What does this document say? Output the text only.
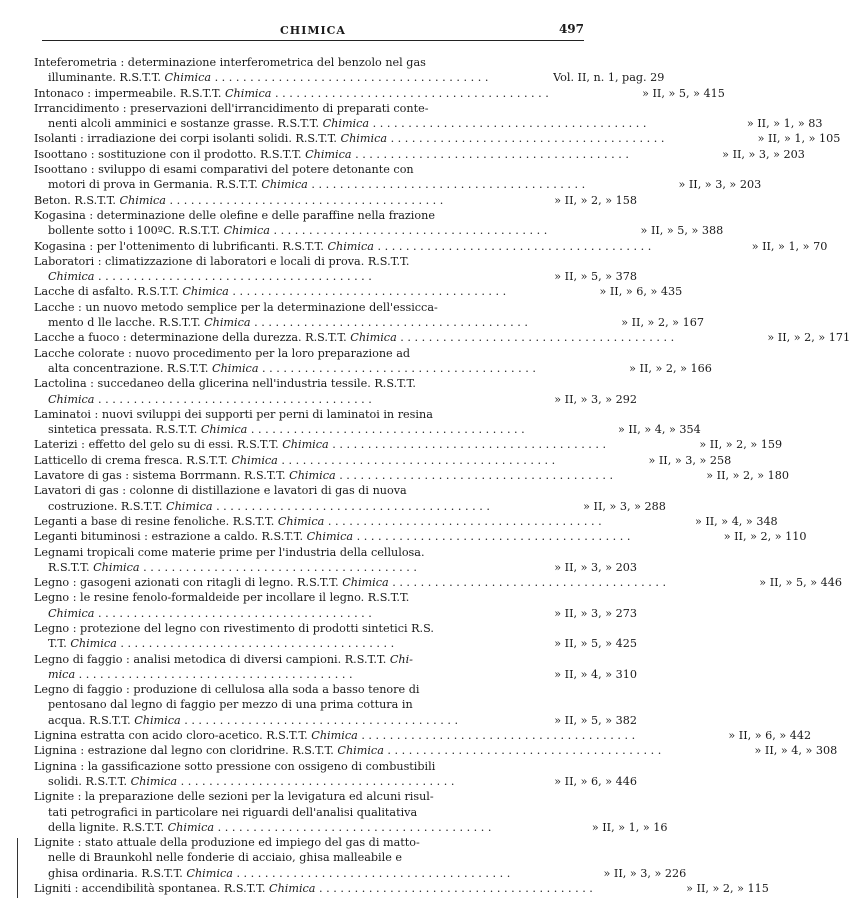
CHIMICA	497
Inteferometria : determinazione interferometrica del benzolo nel gas
illuminante. R.S.T.T. Chimica . . . . . . . . . . . . . . . . . . . . . . . . . . . . . . . . . . . . . . .	Vol. II, n. 1, pag. 29
Intonaco : impermeabile. R.S.T.T. Chimica . . . . . . . . . . . . . . . . . . . . . . . . . . . . . . . . . . . . . . .	» II, » 5, » 415
Irrancidimento : preservazioni dell'irrancidimento di preparati conte-
nenti alcoli amminici e sostanze grasse. R.S.T.T. Chimica . . . . . . . . . . . . . . . . . . . . . . . . . . . . . . . . . . . . . . .	» II, » 1, » 83
Isolanti : irradiazione dei corpi isolanti solidi. R.S.T.T. Chimica . . . . . . . . . . . . . . . . . . . . . . . . . . . . . . . . . . . . . . .	» II, » 1, » 105
Isoottano : sostituzione con il prodotto. R.S.T.T. Chimica . . . . . . . . . . . . . . . . . . . . . . . . . . . . . . . . . . . . . . .	» II, » 3, » 203
Isoottano : sviluppo di esami comparativi del potere detonante con
motori di prova in Germania. R.S.T.T. Chimica . . . . . . . . . . . . . . . . . . . . . . . . . . . . . . . . . . . . . . .	» II, » 3, » 203
Beton. R.S.T.T. Chimica . . . . . . . . . . . . . . . . . . . . . . . . . . . . . . . . . . . . . . .	» II, » 2, » 158
Kogasina : determinazione delle olefine e delle paraffine nella frazione
bollente sotto i 100ºC. R.S.T.T. Chimica . . . . . . . . . . . . . . . . . . . . . . . . . . . . . . . . . . . . . . .	» II, » 5, » 388
Kogasina : per l'ottenimento di lubrificanti. R.S.T.T. Chimica . . . . . . . . . . . . . . . . . . . . . . . . . . . . . . . . . . . . . . .	» II, » 1, » 70
Laboratori : climatizzazione di laboratori e locali di prova. R.S.T.T.
Chimica . . . . . . . . . . . . . . . . . . . . . . . . . . . . . . . . . . . . . . .	» II, » 5, » 378
Lacche di asfalto. R.S.T.T. Chimica . . . . . . . . . . . . . . . . . . . . . . . . . . . . . . . . . . . . . . .	» II, » 6, » 435
Lacche : un nuovo metodo semplice per la determinazione dell'essicca-
mento d lle lacche. R.S.T.T. Chimica . . . . . . . . . . . . . . . . . . . . . . . . . . . . . . . . . . . . . . .	» II, » 2, » 167
Lacche a fuoco : determinazione della durezza. R.S.T.T. Chimica . . . . . . . . . . . . . . . . . . . . . . . . . . . . . . . . . . . . . . .	» II, » 2, » 171
Lacche colorate : nuovo procedimento per la loro preparazione ad
alta concentrazione. R.S.T.T. Chimica . . . . . . . . . . . . . . . . . . . . . . . . . . . . . . . . . . . . . . .	» II, » 2, » 166
Lactolina : succedaneo della glicerina nell'industria tessile. R.S.T.T.
Chimica . . . . . . . . . . . . . . . . . . . . . . . . . . . . . . . . . . . . . . .	» II, » 3, » 292
Laminatoi : nuovi sviluppi dei supporti per perni di laminatoi in resina
sintetica pressata. R.S.T.T. Chimica . . . . . . . . . . . . . . . . . . . . . . . . . . . . . . . . . . . . . . .	» II, » 4, » 354
Laterizi : effetto del gelo su di essi. R.S.T.T. Chimica . . . . . . . . . . . . . . . . . . . . . . . . . . . . . . . . . . . . . . .	» II, » 2, » 159
Latticello di crema fresca. R.S.T.T. Chimica . . . . . . . . . . . . . . . . . . . . . . . . . . . . . . . . . . . . . . .	» II, » 3, » 258
Lavatore di gas : sistema Borrmann. R.S.T.T. Chimica . . . . . . . . . . . . . . . . . . . . . . . . . . . . . . . . . . . . . . .	» II, » 2, » 180
Lavatori di gas : colonne di distillazione e lavatori di gas di nuova
costruzione. R.S.T.T. Chimica . . . . . . . . . . . . . . . . . . . . . . . . . . . . . . . . . . . . . . .	» II, » 3, » 288
Leganti a base di resine fenoliche. R.S.T.T. Chimica . . . . . . . . . . . . . . . . . . . . . . . . . . . . . . . . . . . . . . .	» II, » 4, » 348
Leganti bituminosi : estrazione a caldo. R.S.T.T. Chimica . . . . . . . . . . . . . . . . . . . . . . . . . . . . . . . . . . . . . . .	» II, » 2, » 110
Legnami tropicali come materie prime per l'industria della cellulosa.
R.S.T.T. Chimica . . . . . . . . . . . . . . . . . . . . . . . . . . . . . . . . . . . . . . .	» II, » 3, » 203
Legno : gasogeni azionati con ritagli di legno. R.S.T.T. Chimica . . . . . . . . . . . . . . . . . . . . . . . . . . . . . . . . . . . . . . .	» II, » 5, » 446
Legno : le resine fenolo-formaldeide per incollare il legno. R.S.T.T.
Chimica . . . . . . . . . . . . . . . . . . . . . . . . . . . . . . . . . . . . . . .	» II, » 3, » 273
Legno : protezione del legno con rivestimento di prodotti sintetici R.S.
T.T. Chimica . . . . . . . . . . . . . . . . . . . . . . . . . . . . . . . . . . . . . . .	» II, » 5, » 425
Legno di faggio : analisi metodica di diversi campioni. R.S.T.T. Chi-
mica . . . . . . . . . . . . . . . . . . . . . . . . . . . . . . . . . . . . . . .	» II, » 4, » 310
Legno di faggio : produzione di cellulosa alla soda a basso tenore di
pentosano dal legno di faggio per mezzo di una prima cottura in
acqua. R.S.T.T. Chimica . . . . . . . . . . . . . . . . . . . . . . . . . . . . . . . . . . . . . . .	» II, » 5, » 382
Lignina estratta con acido cloro-acetico. R.S.T.T. Chimica . . . . . . . . . . . . . . . . . . . . . . . . . . . . . . . . . . . . . . .	» II, » 6, » 442
Lignina : estrazione dal legno con cloridrine. R.S.T.T. Chimica . . . . . . . . . . . . . . . . . . . . . . . . . . . . . . . . . . . . . . .	» II, » 4, » 308
Lignina : la gassificazione sotto pressione con ossigeno di combustibili
solidi. R.S.T.T. Chimica . . . . . . . . . . . . . . . . . . . . . . . . . . . . . . . . . . . . . . .	» II, » 6, » 446
Lignite : la preparazione delle sezioni per la levigatura ed alcuni risul-
tati petrografici in particolare nei riguardi dell'analisi qualitativa
della lignite. R.S.T.T. Chimica . . . . . . . . . . . . . . . . . . . . . . . . . . . . . . . . . . . . . . .	» II, » 1, » 16
Lignite : stato attuale della produzione ed impiego del gas di matto-
nelle di Braunkohl nelle fonderie di acciaio, ghisa malleabile e
ghisa ordinaria. R.S.T.T. Chimica . . . . . . . . . . . . . . . . . . . . . . . . . . . . . . . . . . . . . . .	» II, » 3, » 226
Ligniti : accendibilità spontanea. R.S.T.T. Chimica . . . . . . . . . . . . . . . . . . . . . . . . . . . . . . . . . . . . . . .	» II, » 2, » 115
